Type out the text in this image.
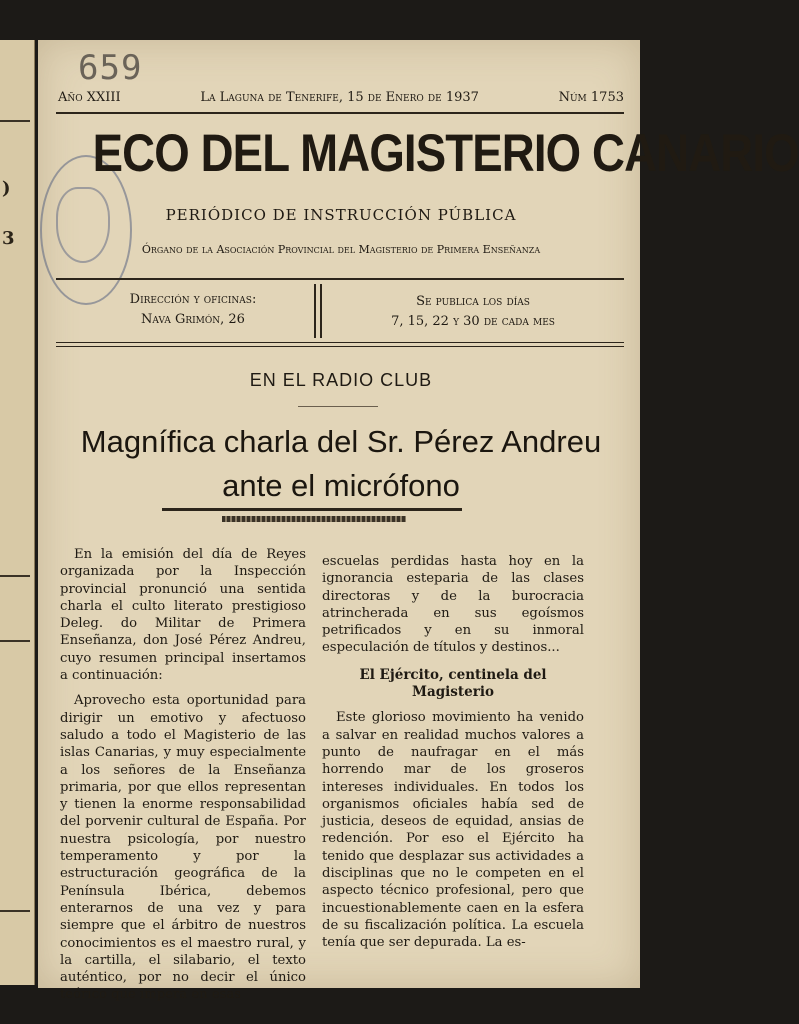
)
3
659
Año XXIII	La Laguna de Tenerife, 15 de Enero de 1937	Núm 1753
ECO DEL MAGISTERIO CANARIO
PERIÓDICO DE INSTRUCCIÓN PÚBLICA
Órgano de la Asociación Provincial del Magisterio de Primera Enseñanza
Dirección y oficinas:
Nava Grimón, 26
Se publica los días
7, 15, 22 y 30 de cada mes
EN EL RADIO CLUB
Magnífica charla del Sr. Pérez Andreu ante el micrófono

En la emisión del día de Reyes organizada por la Inspección provincial pronunció una sentida charla el culto literato prestigioso Deleg. do Militar de Primera Enseñanza, don José Pérez Andreu, cuyo resumen principal insertamos a continuación:

Aprovecho esta oportunidad para dirigir un emotivo y afectuoso saludo a todo el Magisterio de las islas Canarias, y muy especialmente a los señores de la Enseñanza primaria, por que ellos representan y tienen la enorme responsabilidad del porvenir cultural de España. Por nuestra psicología, por nuestro temperamento y por la estructuración geográfica de la Península Ibérica, debemos enterarnos de una vez y para siempre que el árbitro de nuestros conocimientos es el maestro rural, y la cartilla, el silabario, el texto auténtico, por no decir el único teórico que impera en esas

escuelas perdidas hasta hoy en la ignorancia esteparia de las clases directoras y de la burocracia atrincherada en sus egoísmos petrificados y en su inmoral especulación de títulos y destinos...

El Ejército, centinela del Magisterio

Este glorioso movimiento ha venido a salvar en realidad muchos valores a punto de naufragar en el más horrendo mar de los groseros intereses individuales. En todos los organismos oficiales había sed de justicia, deseos de equidad, ansias de redención. Por eso el Ejército ha tenido que desplazar sus actividades a disciplinas que no le competen en el aspecto técnico profesional, pero que incuestionablemente caen en la esfera de su fiscalización política. La escuela tenía que ser depurada. La es-
